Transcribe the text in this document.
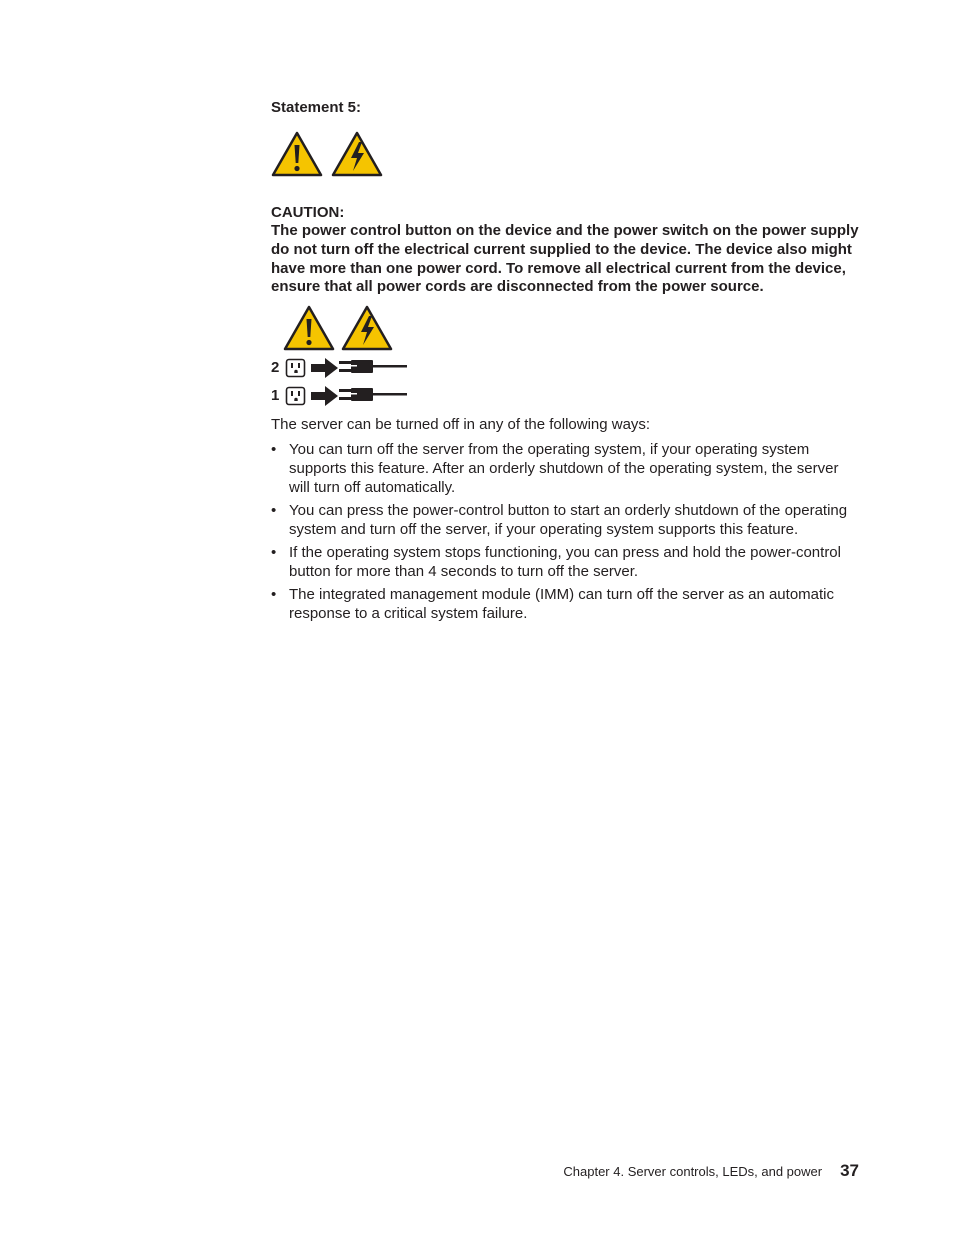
Statement 5:

CAUTION:

The power control button on the device and the power switch on the power supply do not turn off the electrical current supplied to the device. The device also might have more than one power cord. To remove all electrical current from the device, ensure that all power cords are disconnected from the power source.

2
1
The server can be turned off in any of the following ways:
• You can turn off the server from the operating system, if your operating system supports this feature. After an orderly shutdown of the operating system, the server will turn off automatically.
• You can press the power-control button to start an orderly shutdown of the operating system and turn off the server, if your operating system supports this feature.
• If the operating system stops functioning, you can press and hold the power-control button for more than 4 seconds to turn off the server.
• The integrated management module (IMM) can turn off the server as an automatic response to a critical system failure.
Chapter 4. Server controls, LEDs, and power 37
